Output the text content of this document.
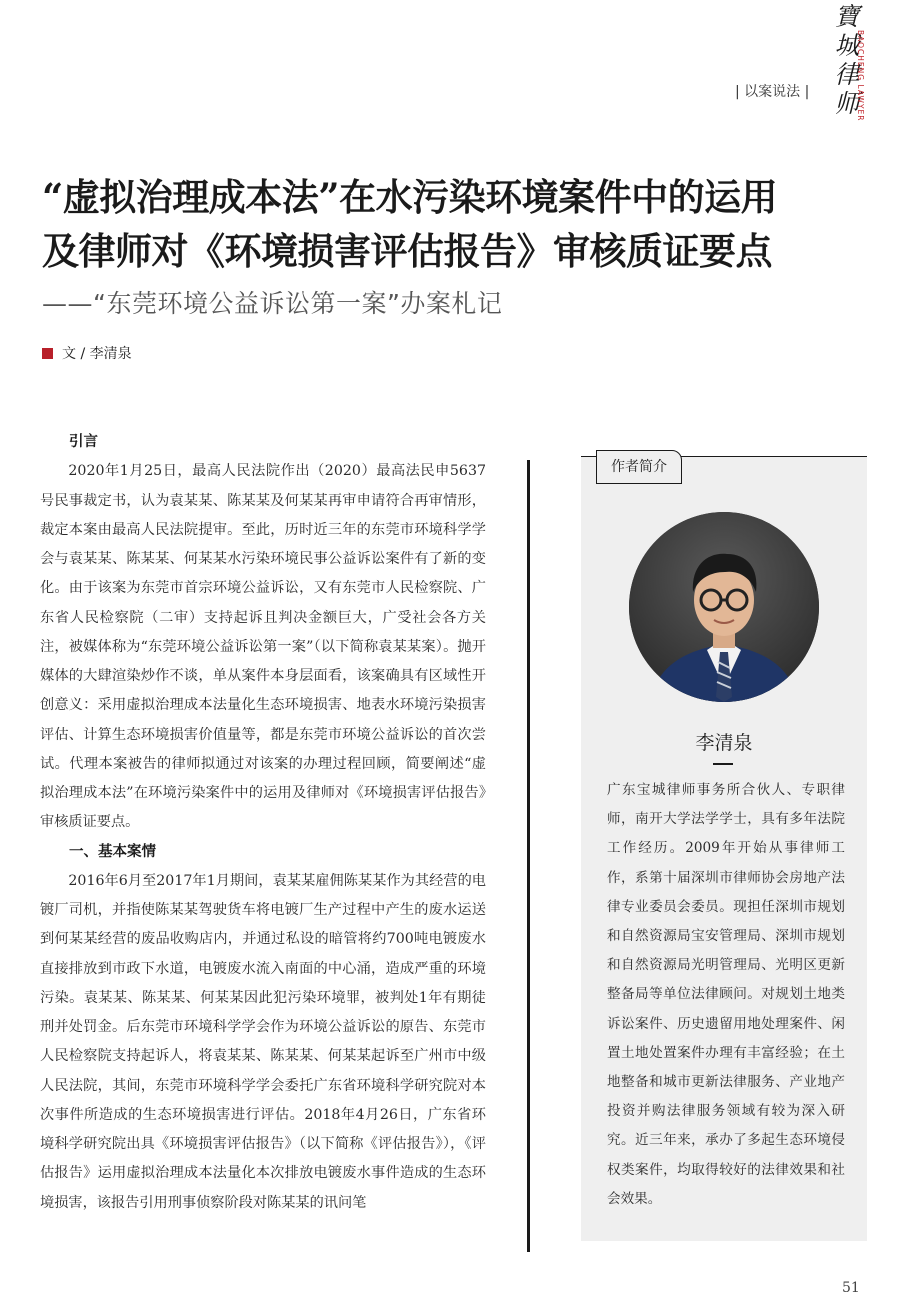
寶
城
律
师
BAOCHENG LAWYER
| 以案说法 |
“虚拟治理成本法”在水污染环境案件中的运用
及律师对《环境损害评估报告》审核质证要点
——“东莞环境公益诉讼第一案”办案札记
文 / 李清泉
引言

2020年1月25日，最高人民法院作出（2020）最高法民申5637号民事裁定书，认为袁某某、陈某某及何某某再审申请符合再审情形，裁定本案由最高人民法院提审。至此，历时近三年的东莞市环境科学学会与袁某某、陈某某、何某某水污染环境民事公益诉讼案件有了新的变化。由于该案为东莞市首宗环境公益诉讼，又有东莞市人民检察院、广东省人民检察院（二审）支持起诉且判决金额巨大，广受社会各方关注，被媒体称为“东莞环境公益诉讼第一案”（以下简称袁某某案）。抛开媒体的大肆渲染炒作不谈，单从案件本身层面看，该案确具有区域性开创意义：采用虚拟治理成本法量化生态环境损害、地表水环境污染损害评估、计算生态环境损害价值量等，都是东莞市环境公益诉讼的首次尝试。代理本案被告的律师拟通过对该案的办理过程回顾，简要阐述“虚拟治理成本法”在环境污染案件中的运用及律师对《环境损害评估报告》审核质证要点。

一、基本案情

2016年6月至2017年1月期间，袁某某雇佣陈某某作为其经营的电镀厂司机，并指使陈某某驾驶货车将电镀厂生产过程中产生的废水运送到何某某经营的废品收购店内，并通过私设的暗管将约700吨电镀废水直接排放到市政下水道，电镀废水流入南面的中心涌，造成严重的环境污染。袁某某、陈某某、何某某因此犯污染环境罪，被判处1年有期徒刑并处罚金。后东莞市环境科学学会作为环境公益诉讼的原告、东莞市人民检察院支持起诉人，将袁某某、陈某某、何某某起诉至广州市中级人民法院，其间，东莞市环境科学学会委托广东省环境科学研究院对本次事件所造成的生态环境损害进行评估。2018年4月26日，广东省环境科学研究院出具《环境损害评估报告》（以下简称《评估报告》），《评估报告》运用虚拟治理成本法量化本次排放电镀废水事件造成的生态环境损害，该报告引用刑事侦察阶段对陈某某的讯问笔

作者简介
李清泉
广东宝城律师事务所合伙人、专职律师，南开大学法学学士，具有多年法院工作经历。2009年开始从事律师工作，系第十届深圳市律师协会房地产法律专业委员会委员。现担任深圳市规划和自然资源局宝安管理局、深圳市规划和自然资源局光明管理局、光明区更新整备局等单位法律顾问。对规划土地类诉讼案件、历史遗留用地处理案件、闲置土地处置案件办理有丰富经验；在土地整备和城市更新法律服务、产业地产投资并购法律服务领域有较为深入研究。近三年来，承办了多起生态环境侵权类案件，均取得较好的法律效果和社会效果。
51
